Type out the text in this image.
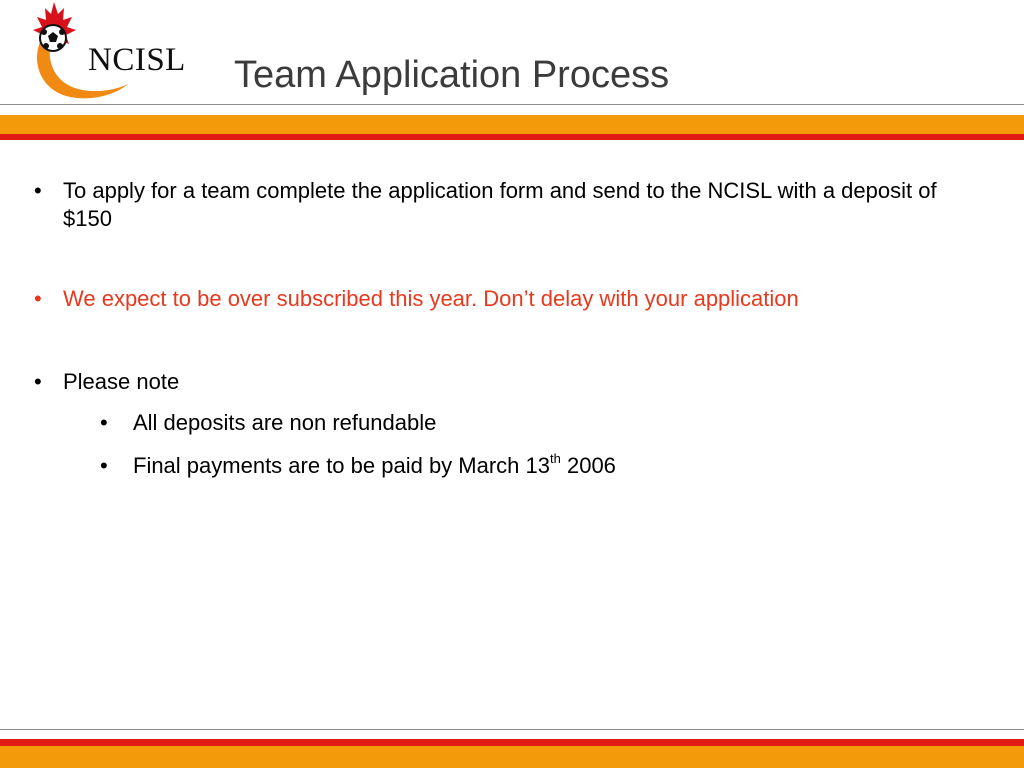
NCISL Team Application Process
• To apply for a team complete the application form and send to the NCISL with a deposit of $150
• We expect to be over subscribed this year. Don’t delay with your application
• Please note
• All deposits are non refundable
• Final payments are to be paid by March 13th 2006
